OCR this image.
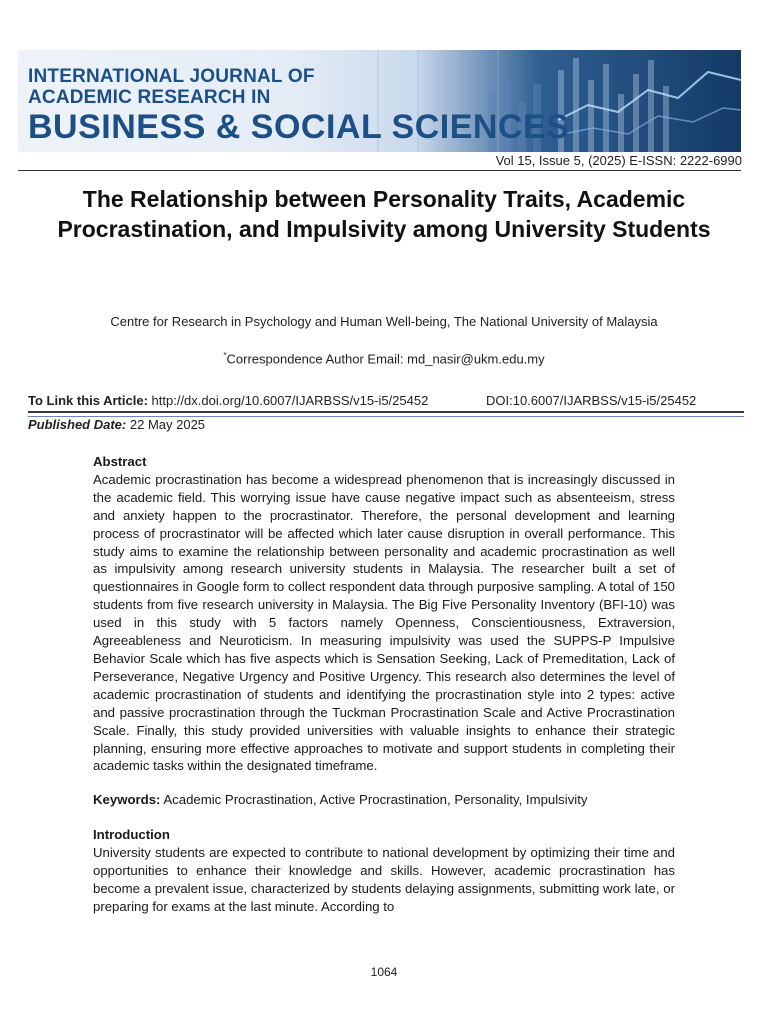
INTERNATIONAL JOURNAL OF
ACADEMIC RESEARCH IN
BUSINESS & SOCIAL SCIENCES
Vol 15, Issue 5, (2025) E-ISSN: 2222-6990
The Relationship between Personality Traits, Academic Procrastination, and Impulsivity among University Students
Centre for Research in Psychology and Human Well-being, The National University of Malaysia
*Correspondence Author Email: md_nasir@ukm.edu.my
To Link this Article: http://dx.doi.org/10.6007/IJARBSS/v15-i5/25452	DOI:10.6007/IJARBSS/v15-i5/25452
Published Date: 22 May 2025
Abstract
Academic procrastination has become a widespread phenomenon that is increasingly discussed in the academic field. This worrying issue have cause negative impact such as absenteeism, stress and anxiety happen to the procrastinator. Therefore, the personal development and learning process of procrastinator will be affected which later cause disruption in overall performance. This study aims to examine the relationship between personality and academic procrastination as well as impulsivity among research university students in Malaysia. The researcher built a set of questionnaires in Google form to collect respondent data through purposive sampling. A total of 150 students from five research university in Malaysia. The Big Five Personality Inventory (BFI-10) was used in this study with 5 factors namely Openness, Conscientiousness, Extraversion, Agreeableness and Neuroticism. In measuring impulsivity was used the SUPPS-P Impulsive Behavior Scale which has five aspects which is Sensation Seeking, Lack of Premeditation, Lack of Perseverance, Negative Urgency and Positive Urgency. This research also determines the level of academic procrastination of students and identifying the procrastination style into 2 types: active and passive procrastination through the Tuckman Procrastination Scale and Active Procrastination Scale. Finally, this study provided universities with valuable insights to enhance their strategic planning, ensuring more effective approaches to motivate and support students in completing their academic tasks within the designated timeframe.
Keywords: Academic Procrastination, Active Procrastination, Personality, Impulsivity
Introduction
University students are expected to contribute to national development by optimizing their time and opportunities to enhance their knowledge and skills. However, academic procrastination has become a prevalent issue, characterized by students delaying assignments, submitting work late, or preparing for exams at the last minute. According to
1064
